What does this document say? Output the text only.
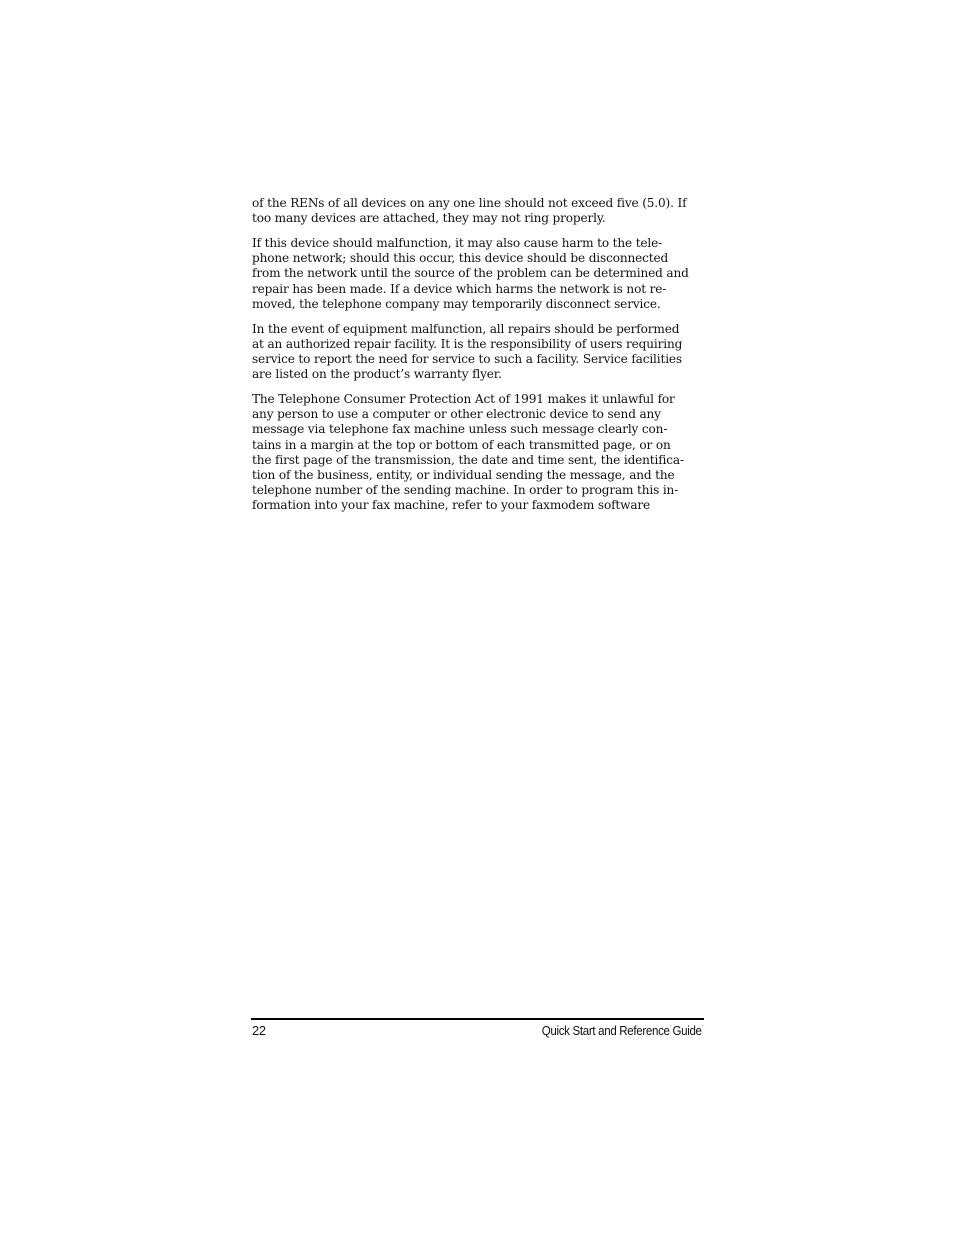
of the RENs of all devices on any one line should not exceed five (5.0). If
too many devices are attached, they may not ring properly.

If this device should malfunction, it may also cause harm to the tele-
phone network; should this occur, this device should be disconnected
from the network until the source of the problem can be determined and
repair has been made. If a device which harms the network is not re-
moved, the telephone company may temporarily disconnect service.

In the event of equipment malfunction, all repairs should be performed
at an authorized repair facility. It is the responsibility of users requiring
service to report the need for service to such a facility. Service facilities
are listed on the product’s warranty flyer.

The Telephone Consumer Protection Act of 1991 makes it unlawful for
any person to use a computer or other electronic device to send any
message via telephone fax machine unless such message clearly con-
tains in a margin at the top or bottom of each transmitted page, or on
the first page of the transmission, the date and time sent, the identifica-
tion of the business, entity, or individual sending the message, and the
telephone number of the sending machine. In order to program this in-
formation into your fax machine, refer to your faxmodem software

22	Quick Start and Reference Guide
